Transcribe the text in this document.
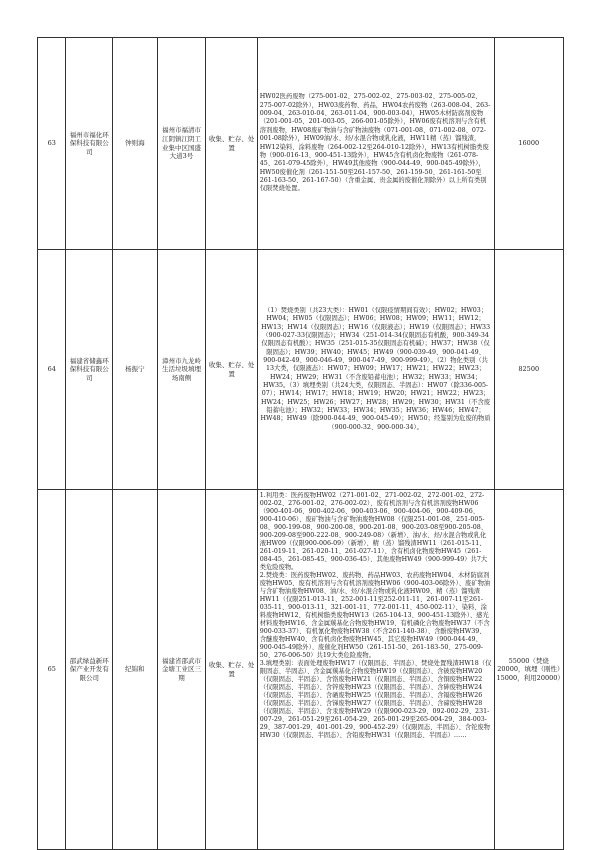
63	福州市福化环保科技有限公司	钟则海	福州市福清市江阴镇江阴工业集中区国盛大道3号	收集、贮存、处置	HW02医药废物（275-001-02、275-002-02、275-003-02、275-005-02、275-007-02除外），HW03废药物、药品，HW04农药废物（263-008-04、263-009-04、263-010-04、263-011-04、900-003-04），HW05木材防腐剂废物（201-001-05、201-003-05、266-001-05除外），HW06废有机溶剂与含有机溶剂废物，HW08废矿物油与含矿物油废物（071-001-08、071-002-08、072-001-08除外），HW09油/水、烃/水混合物或乳化液，HW11精（蒸）馏残渣，HW12染料、涂料废物（264-002-12至264-010-12除外），HW13有机树脂类废物（900-016-13、900-451-13除外），HW45含有机卤化物废物（261-078-45、261-079-45除外），HW49其他废物（900-044-49、900-045-49除外），HW50废催化剂（261-151-50至261-157-50、261-159-50、261-161-50至261-163-50、261-167-50）（含重金属、贵金属的废催化剂除外）以上所有类别仅限焚烧处置。	16000
64	福建省储鑫环保科技有限公司	杨振宁	漳州市九龙岭生活垃圾填埋场南侧	收集、贮存、处置	（1）焚烧类别（共23大类）：HW01（仅限疫情期间有效）；HW02；HW03；HW04；HW05（仅限固态）；HW06；HW08；HW09；HW11；HW12；HW13；HW14（仅限固态）；HW16（仅限液态）；HW19（仅限固态）；HW33（900-027-33仅限固态）；HW34（251-014-34仅限固态有机酸，900-349-34仅限固态有机酸）；HW35（251-015-35仅限固态有机碱）；HW37；HW38（仅限固态）；HW39；HW40；HW45；HW49（900-039-49、900-041-49、900-042-49、900-046-49、900-047-49、900-999-49）。（2）物化类别（共13大类，仅限液态）：HW07；HW09；HW17；HW21；HW22；HW23；HW24；HW29；HW31（不含废铅蓄电池）；HW32；HW33；HW34；HW35。（3）填埋类别（共24大类，仅限固态、半固态）：HW07（除336-005-07）；HW14；HW17；HW18；HW19；HW20；HW21；HW22；HW23；HW24；HW25；HW26；HW27；HW28；HW29；HW30；HW31（不含废铅蓄电池）；HW32；HW33；HW34；HW35；HW36；HW46；HW47；HW48；HW49（除900-044-49、900-045-49）；HW50；经鉴别为危废的物质（900-000-32、900-000-34）。	82500
65	邵武绿益新环保产业开发有限公司	纪锦和	福建省邵武市金塘工业区三期	收集、贮存、处置	1.利用类：医药废物HW02（271-001-02、271-002-02、272-001-02、272-002-02、276-001-02、276-002-02）、废有机溶剂与含有机溶剂废物HW06（900-401-06、900-402-06、900-403-06、900-404-06、900-409-06、900-410-06）、废矿物油与含矿物油废物HW08（仅限251-001-08、251-005-08、900-199-08、900-200-08、900-201-08、900-203-08至900-205-08、900-209-08至900-222-08、900-249-08）（新增）、油/水、烃/水混合物或乳化液HW09（仅限900-006-09）（新增）、精（蒸）馏残渣HW11（261-015-11、261-019-11、261-020-11、261-027-11）、含有机卤化物废物HW45（261-084-45、261-085-45、900-036-45）、其他废物HW49（900-999-49）共7大类危险废物。
2.焚烧类：医药废物HW02、废药物、药品HW03、农药废物HW04、木材防腐剂废物HW05、废有机溶剂与含有机溶剂废物HW06（900-403-06除外）、废矿物油与含矿物油废物HW08、油/水、烃/水混合物或乳化液HW09、精（蒸）馏残渣HW11（仅限251-013-11、252-001-11至252-011-11、261-007-11至261-035-11、900-013-11、321-001-11、772-001-11、450-002-11）、染料、涂料废物HW12、有机树脂类废物HW13（265-104-13、900-451-13除外）、感光材料废物HW16、含金属羰基化合物废物HW19、有机磷化合物废物HW37（不含900-033-37）、有机氰化物废物HW38（不含261-140-38）、含酚废物HW39、含醚废物HW40、含有机卤化物废物HW45、其它废物HW49（900-044-49、900-045-49除外）、废催化剂HW50（261-151-50、261-183-50、275-009-50、276-006-50）共19大类危险废物。
3.填埋类别：表面处理废物HW17（仅限固态、半固态）、焚烧处置残渣HW18（仅限固态、半固态）、含金属羰基化合物废物HW19（仅限固态）、含铍废物HW20（仅限固态、半固态）、含铬废物HW21（仅限固态、半固态）、含铜废物HW22（仅限固态、半固态）、含锌废物HW23（仅限固态、半固态）、含砷废物HW24（仅限固态、半固态）、含硒废物HW25（仅限固态、半固态）、含镉废物HW26（仅限固态、半固态）、含锑废物HW27（仅限固态、半固态）、含碲废物HW28（仅限固态、半固态）、含汞废物HW29（仅限900-023-29、092-002-29、231-007-29、261-051-29至261-054-29、265-001-29至265-004-29、384-003-29、387-001-29、401-001-29、900-452-29）（仅限固态、半固态）、含铊废物HW30（仅限固态、半固态）、含铅废物HW31（仅限固态、半固态）……	55000（焚烧20000，填埋（刚性）15000，利用20000）
